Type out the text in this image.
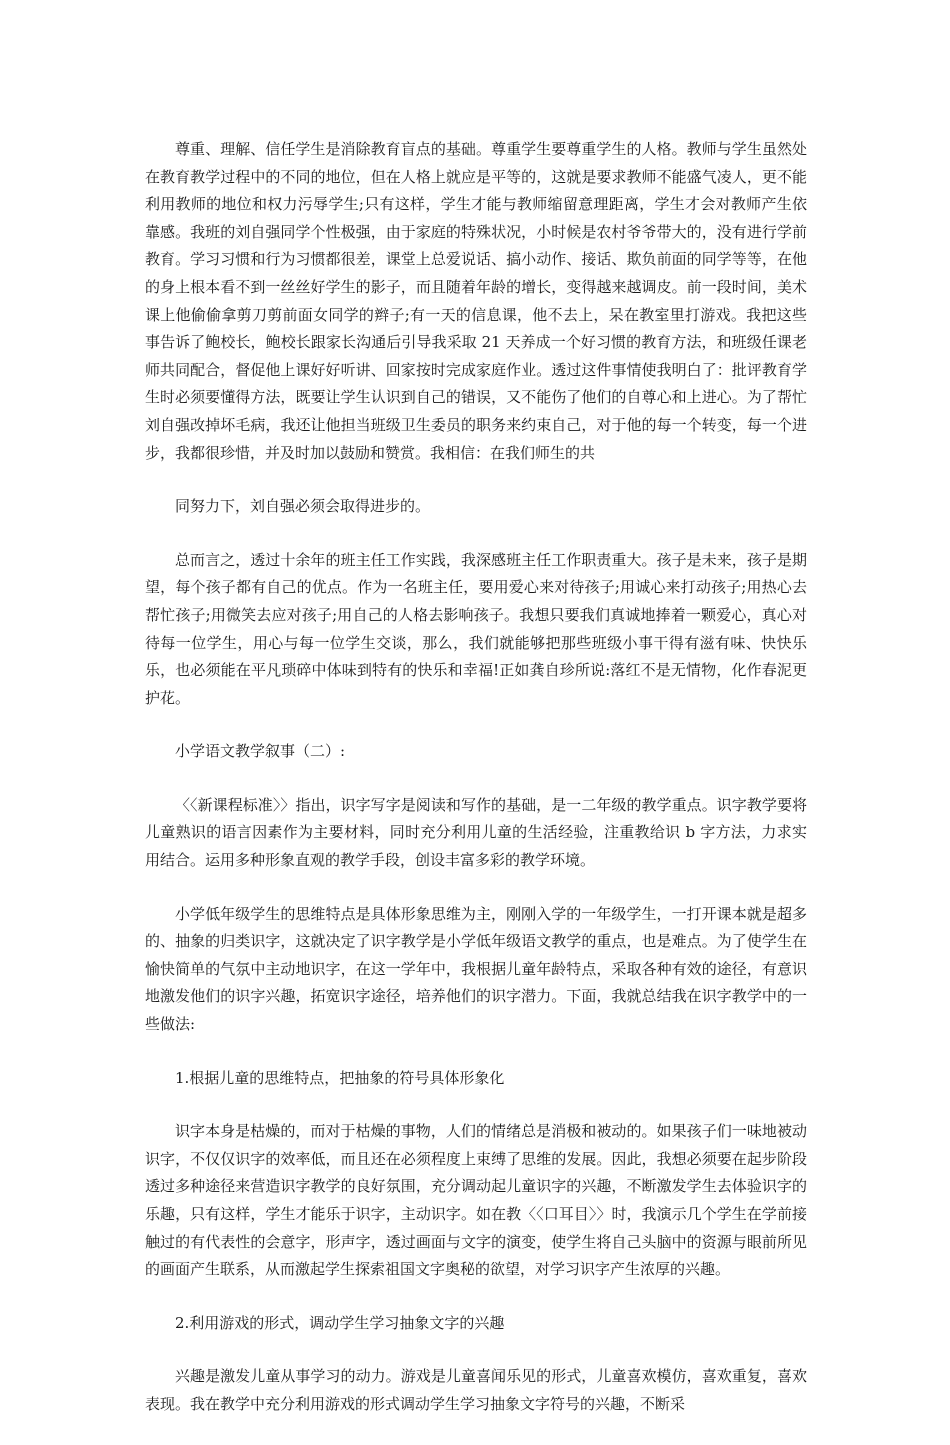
尊重、理解、信任学生是消除教育盲点的基础。尊重学生要尊重学生的人格。教师与学生虽然处在教育教学过程中的不同的地位，但在人格上就应是平等的，这就是要求教师不能盛气凌人，更不能利用教师的地位和权力污辱学生;只有这样，学生才能与教师缩留意理距离，学生才会对教师产生依靠感。我班的刘自强同学个性极强，由于家庭的特殊状况，小时候是农村爷爷带大的，没有进行学前教育。学习习惯和行为习惯都很差，课堂上总爱说话、搞小动作、接话、欺负前面的同学等等，在他的身上根本看不到一丝丝好学生的影子，而且随着年龄的增长，变得越来越调皮。前一段时间，美术课上他偷偷拿剪刀剪前面女同学的辫子;有一天的信息课，他不去上，呆在教室里打游戏。我把这些事告诉了鲍校长，鲍校长跟家长沟通后引导我采取 21 天养成一个好习惯的教育方法，和班级任课老师共同配合，督促他上课好好听讲、回家按时完成家庭作业。透过这件事情使我明白了：批评教育学生时必须要懂得方法，既要让学生认识到自己的错误，又不能伤了他们的自尊心和上进心。为了帮忙刘自强改掉坏毛病，我还让他担当班级卫生委员的职务来约束自己，对于他的每一个转变，每一个进步，我都很珍惜，并及时加以鼓励和赞赏。我相信：在我们师生的共

同努力下，刘自强必须会取得进步的。

总而言之，透过十余年的班主任工作实践，我深感班主任工作职责重大。孩子是未来，孩子是期望，每个孩子都有自己的优点。作为一名班主任，要用爱心来对待孩子;用诚心来打动孩子;用热心去帮忙孩子;用微笑去应对孩子;用自己的人格去影响孩子。我想只要我们真诚地捧着一颗爱心，真心对待每一位学生，用心与每一位学生交谈，那么，我们就能够把那些班级小事干得有滋有味、快快乐乐，也必须能在平凡琐碎中体味到特有的快乐和幸福!正如龚自珍所说:落红不是无情物，化作春泥更护花。

小学语文教学叙事（二）:

〈〈新课程标准〉〉指出，识字写字是阅读和写作的基础，是一二年级的教学重点。识字教学要将儿童熟识的语言因素作为主要材料，同时充分利用儿童的生活经验，注重教给识 b 字方法，力求实用结合。运用多种形象直观的教学手段，创设丰富多彩的教学环境。

小学低年级学生的思维特点是具体形象思维为主，刚刚入学的一年级学生，一打开课本就是超多的、抽象的归类识字，这就决定了识字教学是小学低年级语文教学的重点，也是难点。为了使学生在愉快简单的气氛中主动地识字，在这一学年中，我根据儿童年龄特点，采取各种有效的途径，有意识地激发他们的识字兴趣，拓宽识字途径，培养他们的识字潜力。下面，我就总结我在识字教学中的一些做法:

1.根据儿童的思维特点，把抽象的符号具体形象化

识字本身是枯燥的，而对于枯燥的事物，人们的情绪总是消极和被动的。如果孩子们一味地被动识字，不仅仅识字的效率低，而且还在必须程度上束缚了思维的发展。因此，我想必须要在起步阶段透过多种途径来营造识字教学的良好氛围，充分调动起儿童识字的兴趣，不断激发学生去体验识字的乐趣，只有这样，学生才能乐于识字，主动识字。如在教〈〈口耳目〉〉时，我演示几个学生在学前接触过的有代表性的会意字，形声字，透过画面与文字的演变，使学生将自己头脑中的资源与眼前所见的画面产生联系，从而激起学生探索祖国文字奥秘的欲望，对学习识字产生浓厚的兴趣。

2.利用游戏的形式，调动学生学习抽象文字的兴趣

兴趣是激发儿童从事学习的动力。游戏是儿童喜闻乐见的形式，儿童喜欢模仿，喜欢重复，喜欢表现。我在教学中充分利用游戏的形式调动学生学习抽象文字符号的兴趣，不断采
